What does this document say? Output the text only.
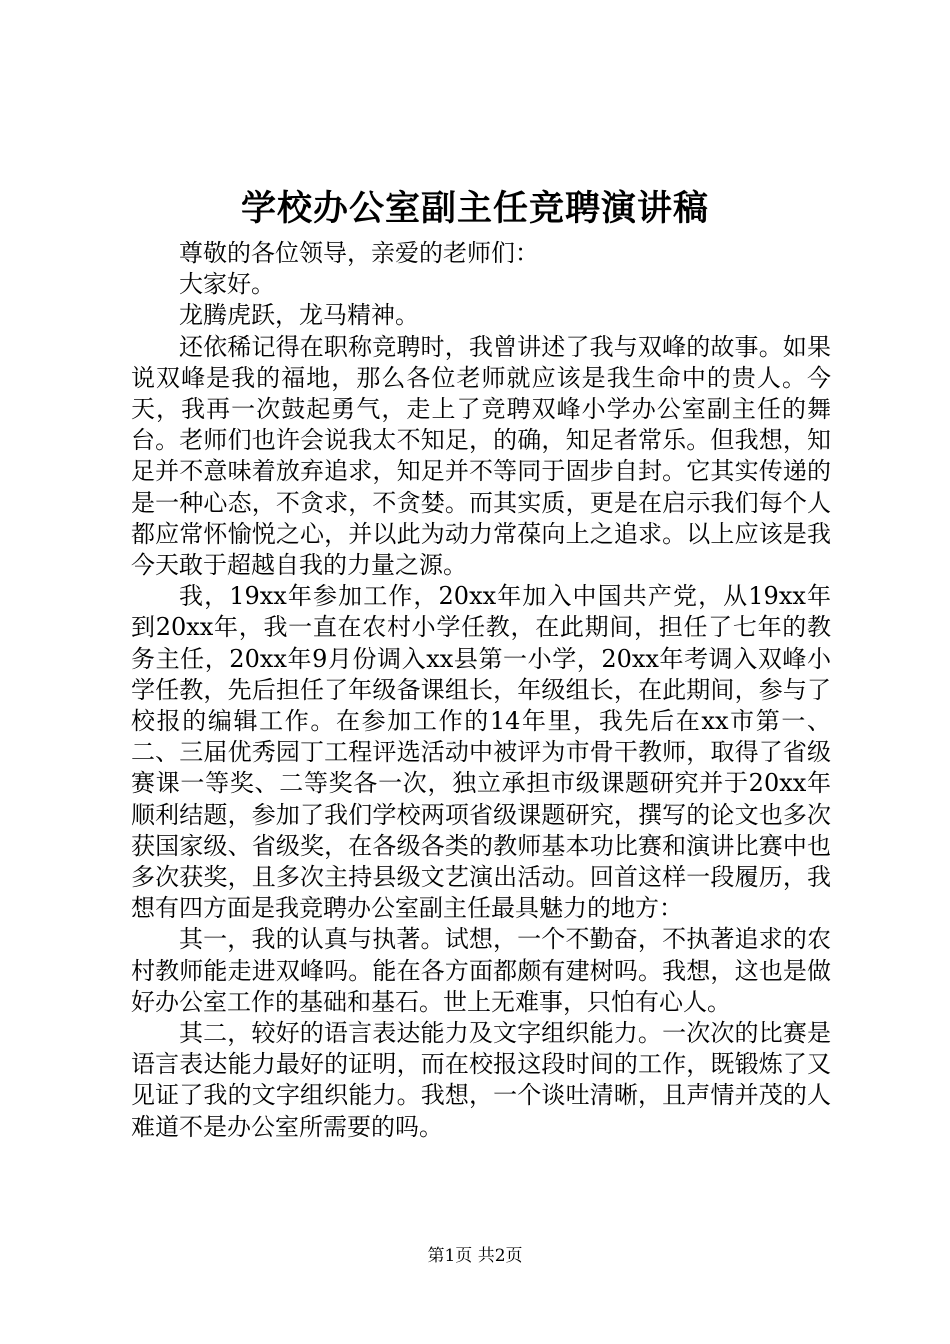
学校办公室副主任竞聘演讲稿

尊敬的各位领导，亲爱的老师们：

大家好。

龙腾虎跃，龙马精神。

还依稀记得在职称竞聘时，我曾讲述了我与双峰的故事。如果说双峰是我的福地，那么各位老师就应该是我生命中的贵人。今天，我再一次鼓起勇气，走上了竞聘双峰小学办公室副主任的舞台。老师们也许会说我太不知足，的确，知足者常乐。但我想，知足并不意味着放弃追求，知足并不等同于固步自封。它其实传递的是一种心态，不贪求，不贪婪。而其实质，更是在启示我们每个人都应常怀愉悦之心，并以此为动力常葆向上之追求。以上应该是我今天敢于超越自我的力量之源。

我，19xx年参加工作，20xx年加入中国共产党，从19xx年到20xx年，我一直在农村小学任教，在此期间，担任了七年的教务主任，20xx年9月份调入xx县第一小学，20xx年考调入双峰小学任教，先后担任了年级备课组长，年级组长，在此期间，参与了校报的编辑工作。在参加工作的14年里，我先后在xx市第一、二、三届优秀园丁工程评选活动中被评为市骨干教师，取得了省级赛课一等奖、二等奖各一次，独立承担市级课题研究并于20xx年顺利结题，参加了我们学校两项省级课题研究，撰写的论文也多次获国家级、省级奖，在各级各类的教师基本功比赛和演讲比赛中也多次获奖，且多次主持县级文艺演出活动。回首这样一段履历，我想有四方面是我竞聘办公室副主任最具魅力的地方：

其一，我的认真与执著。试想，一个不勤奋，不执著追求的农村教师能走进双峰吗。能在各方面都颇有建树吗。我想，这也是做好办公室工作的基础和基石。世上无难事，只怕有心人。

其二，较好的语言表达能力及文字组织能力。一次次的比赛是语言表达能力最好的证明，而在校报这段时间的工作，既锻炼了又见证了我的文字组织能力。我想，一个谈吐清晰，且声情并茂的人难道不是办公室所需要的吗。

第1页 共2页
